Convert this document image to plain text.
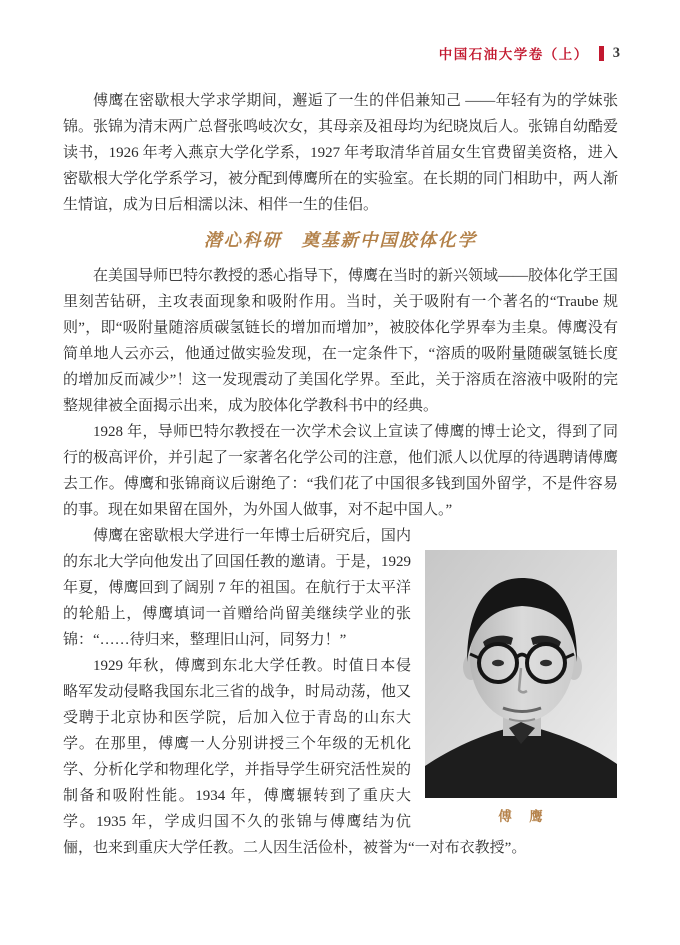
中国石油大学卷（上） 3
傅鹰在密歇根大学求学期间，邂逅了一生的伴侣兼知己 ——年轻有为的学妹张锦。张锦为清末两广总督张鸣岐次女，其母亲及祖母均为纪晓岚后人。张锦自幼酷爱读书，1926 年考入燕京大学化学系，1927 年考取清华首届女生官费留美资格，进入密歇根大学化学系学习，被分配到傅鹰所在的实验室。在长期的同门相助中，两人渐生情谊，成为日后相濡以沫、相伴一生的佳侣。
潜心科研　奠基新中国胶体化学
在美国导师巴特尔教授的悉心指导下，傅鹰在当时的新兴领域——胶体化学王国里刻苦钻研，主攻表面现象和吸附作用。当时，关于吸附有一个著名的“Traube 规则”，即“吸附量随溶质碳氢链长的增加而增加”，被胶体化学界奉为圭臬。傅鹰没有简单地人云亦云，他通过做实验发现，在一定条件下，“溶质的吸附量随碳氢链长度的增加反而减少”！这一发现震动了美国化学界。至此，关于溶质在溶液中吸附的完整规律被全面揭示出来，成为胶体化学教科书中的经典。
1928 年，导师巴特尔教授在一次学术会议上宣读了傅鹰的博士论文，得到了同行的极高评价，并引起了一家著名化学公司的注意，他们派人以优厚的待遇聘请傅鹰去工作。傅鹰和张锦商议后谢绝了：“我们花了中国很多钱到国外留学，不是件容易的事。现在如果留在国外，为外国人做事，对不起中国人。”
傅　鹰
傅鹰在密歇根大学进行一年博士后研究后，国内的东北大学向他发出了回国任教的邀请。于是，1929 年夏，傅鹰回到了阔别 7 年的祖国。在航行于太平洋的轮船上，傅鹰填词一首赠给尚留美继续学业的张锦：“……待归来，整理旧山河，同努力！”
1929 年秋，傅鹰到东北大学任教。时值日本侵略军发动侵略我国东北三省的战争，时局动荡，他又受聘于北京协和医学院，后加入位于青岛的山东大学。在那里，傅鹰一人分别讲授三个年级的无机化学、分析化学和物理化学，并指导学生研究活性炭的制备和吸附性能。1934 年，傅鹰辗转到了重庆大学。1935 年，学成归国不久的张锦与傅鹰结为伉俪，也来到重庆大学任教。二人因生活俭朴，被誉为“一对布衣教授”。
